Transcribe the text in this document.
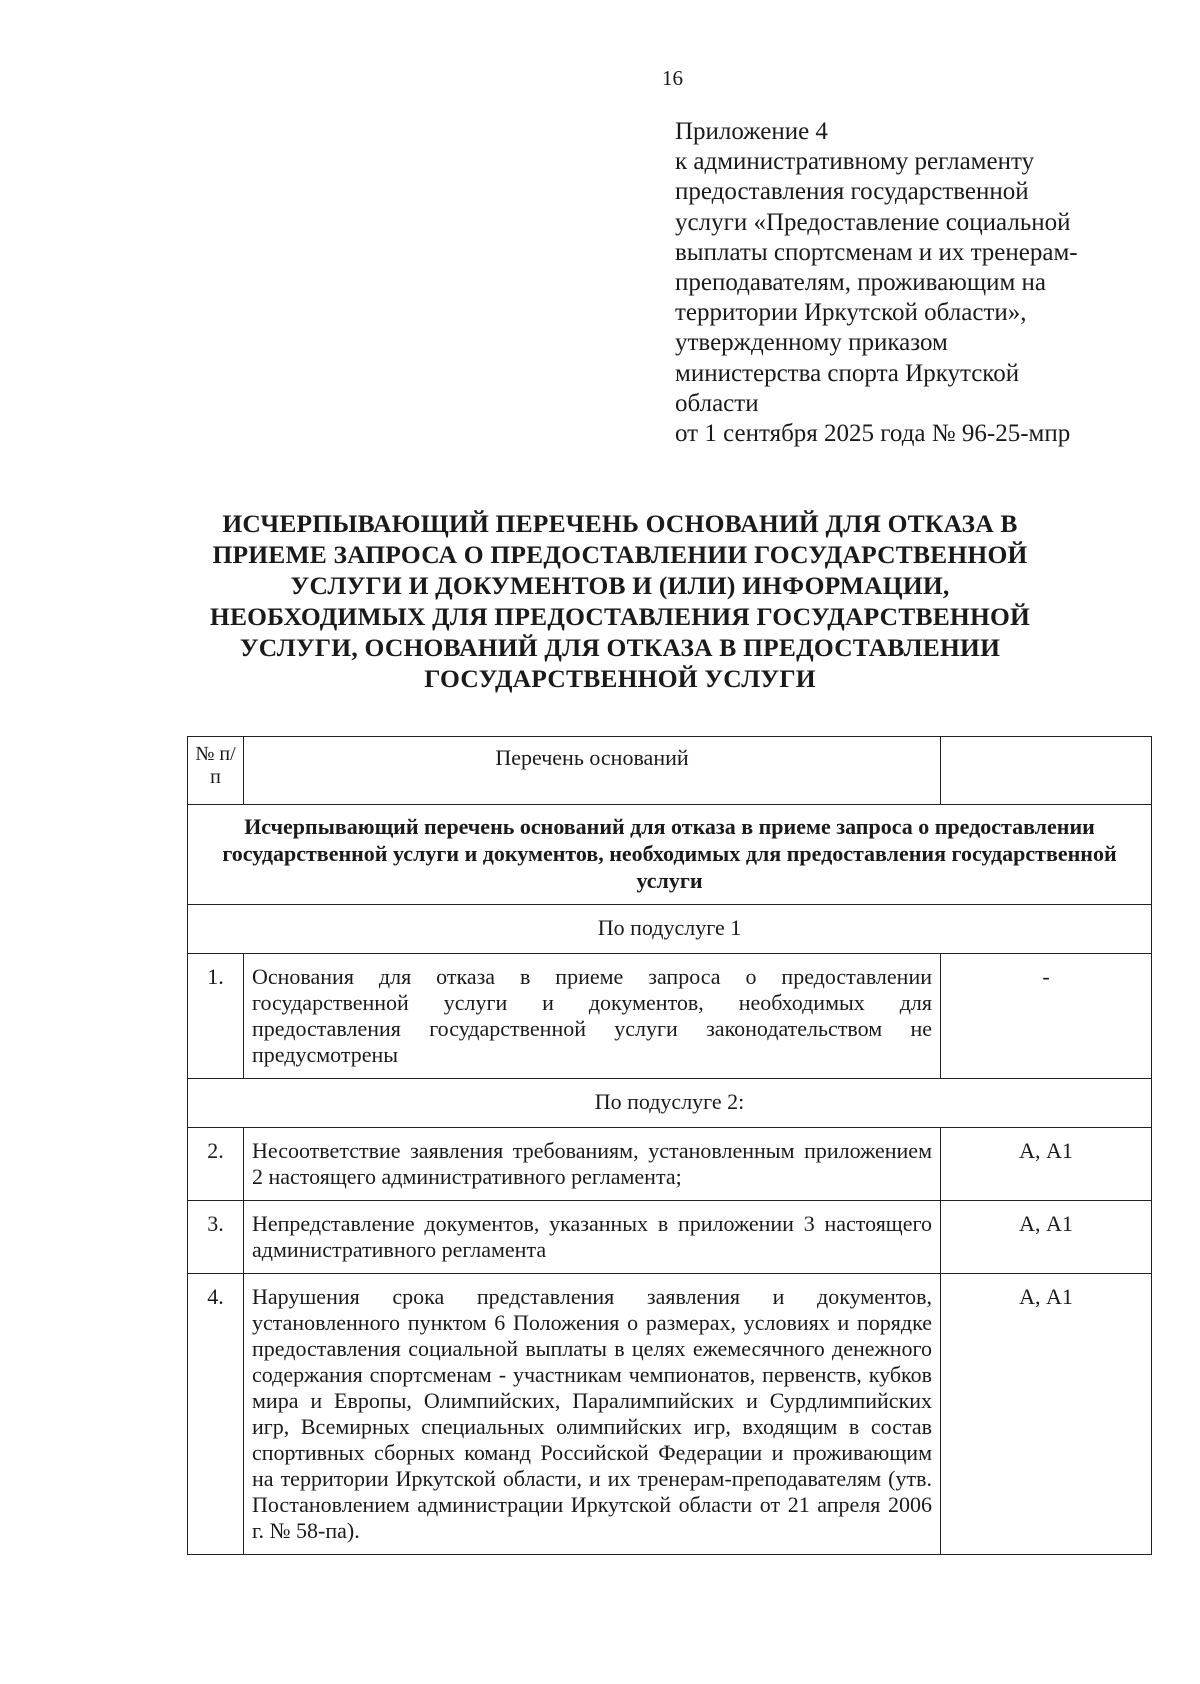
16
Приложение 4
к административному регламенту
предоставления государственной
услуги «Предоставление социальной
выплаты спортсменам и их тренерам-
преподавателям, проживающим на
территории Иркутской области»,
утвержденному приказом
министерства спорта Иркутской
области
от 1 сентября 2025 года № 96-25-мпр
ИСЧЕРПЫВАЮЩИЙ ПЕРЕЧЕНЬ ОСНОВАНИЙ ДЛЯ ОТКАЗА В
ПРИЕМЕ ЗАПРОСА О ПРЕДОСТАВЛЕНИИ ГОСУДАРСТВЕННОЙ
УСЛУГИ И ДОКУМЕНТОВ И (ИЛИ) ИНФОРМАЦИИ,
НЕОБХОДИМЫХ ДЛЯ ПРЕДОСТАВЛЕНИЯ ГОСУДАРСТВЕННОЙ
УСЛУГИ, ОСНОВАНИЙ ДЛЯ ОТКАЗА В ПРЕДОСТАВЛЕНИИ
ГОСУДАРСТВЕННОЙ УСЛУГИ
№ п/п	Перечень оснований	
Исчерпывающий перечень оснований для отказа в приеме запроса о предоставлении государственной услуги и документов, необходимых для предоставления государственной услуги		
По подуслуге 1		
1.	Основания для отказа в приеме запроса о предоставлении государственной услуги и документов, необходимых для предоставления государственной услуги законодательством не предусмотрены	-
По подуслуге 2:		
2.	Несоответствие заявления требованиям, установленным приложением 2 настоящего административного регламента;	А, А1
3.	Непредставление документов, указанных в приложении 3 настоящего административного регламента	А, А1
4.	Нарушения срока представления заявления и документов, установленного пунктом 6 Положения о размерах, условиях и порядке предоставления социальной выплаты в целях ежемесячного денежного содержания спортсменам - участникам чемпионатов, первенств, кубков мира и Европы, Олимпийских, Паралимпийских и Сурдлимпийских игр, Всемирных специальных олимпийских игр, входящим в состав спортивных сборных команд Российской Федерации и проживающим на территории Иркутской области, и их тренерам-преподавателям (утв. Постановлением администрации Иркутской области от 21 апреля 2006 г. № 58-па).	А, А1
